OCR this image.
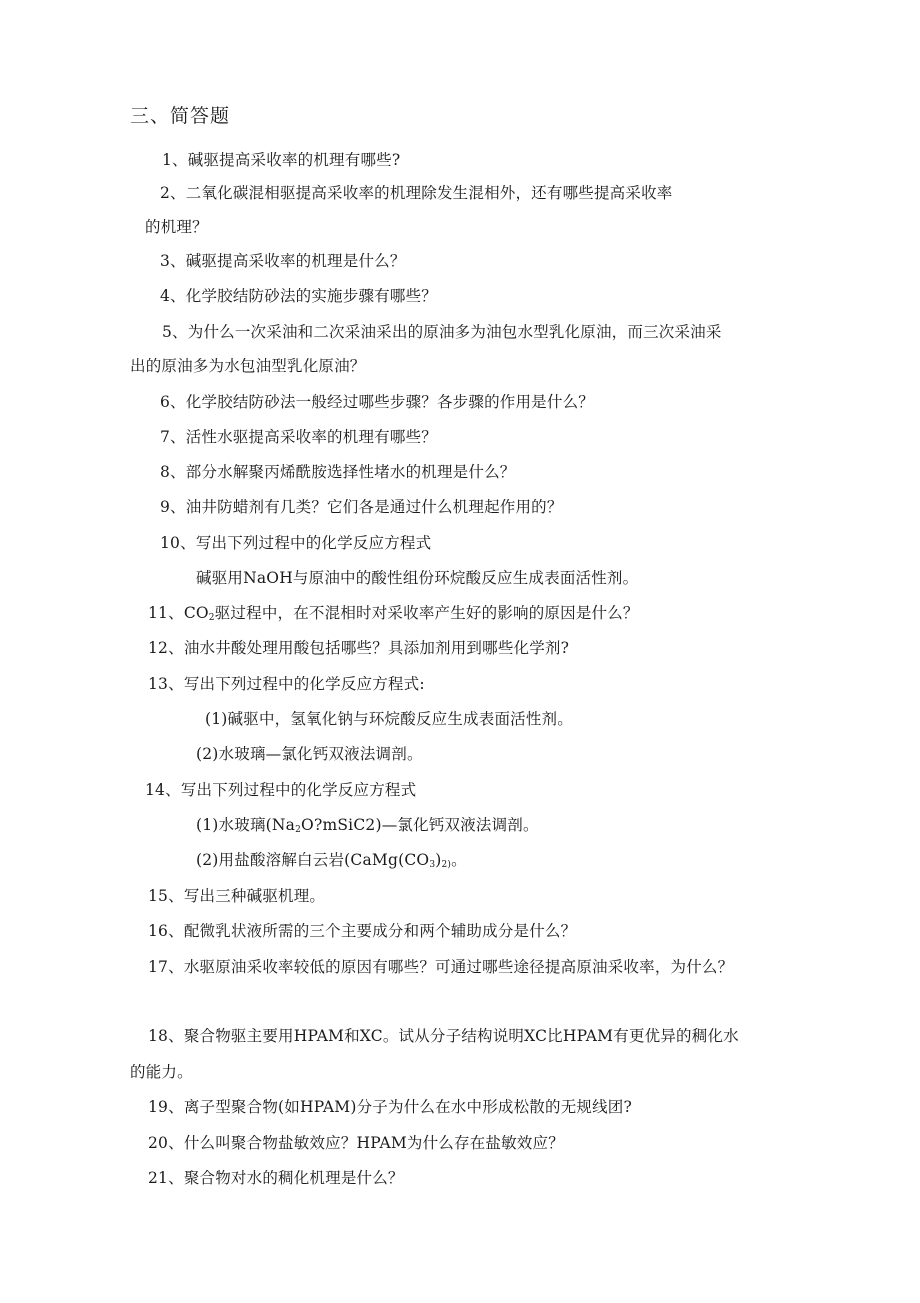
三、简答题
1、碱驱提高采收率的机理有哪些?
2、二氧化碳混相驱提高采收率的机理除发生混相外，还有哪些提高采收率
的机理？
3、碱驱提高采收率的机理是什么？
4、化学胶结防砂法的实施步骤有哪些？
5、为什么一次采油和二次采油采出的原油多为油包水型乳化原油，而三次采油采
出的原油多为水包油型乳化原油？
6、化学胶结防砂法一般经过哪些步骤？各步骤的作用是什么？
7、活性水驱提高采收率的机理有哪些？
8、部分水解聚丙烯酰胺选择性堵水的机理是什么？
9、油井防蜡剂有几类？它们各是通过什么机理起作用的？
10、写出下列过程中的化学反应方程式
碱驱用NaOH与原油中的酸性组份环烷酸反应生成表面活性剂。
11、$CO_2$驱过程中，在不混相时对采收率产生好的影响的原因是什么？
12、油水井酸处理用酸包括哪些？具添加剂用到哪些化学剂?
13、写出下列过程中的化学反应方程式:
(1)碱驱中，氢氧化钠与环烷酸反应生成表面活性剂。
(2)水玻璃—氯化钙双液法调剖。
14、写出下列过程中的化学反应方程式
(1)水玻璃$(Na_2O?mSiC2)—$氯化钙双液法调剖。
(2)用盐酸溶解白云岩($CaMg(CO_3)_{2)}$。
15、写出三种碱驱机理。
16、配微乳状液所需的三个主要成分和两个辅助成分是什么？
17、水驱原油采收率较低的原因有哪些？可通过哪些途径提高原油采收率，为什么？
18、聚合物驱主要用HPAM和XC。试从分子结构说明XC比HPAM有更优异的稠化水
的能力。
19、离子型聚合物(如HPAM)分子为什么在水中形成松散的无规线团?
20、什么叫聚合物盐敏效应？HPAM为什么存在盐敏效应？
21、聚合物对水的稠化机理是什么？
